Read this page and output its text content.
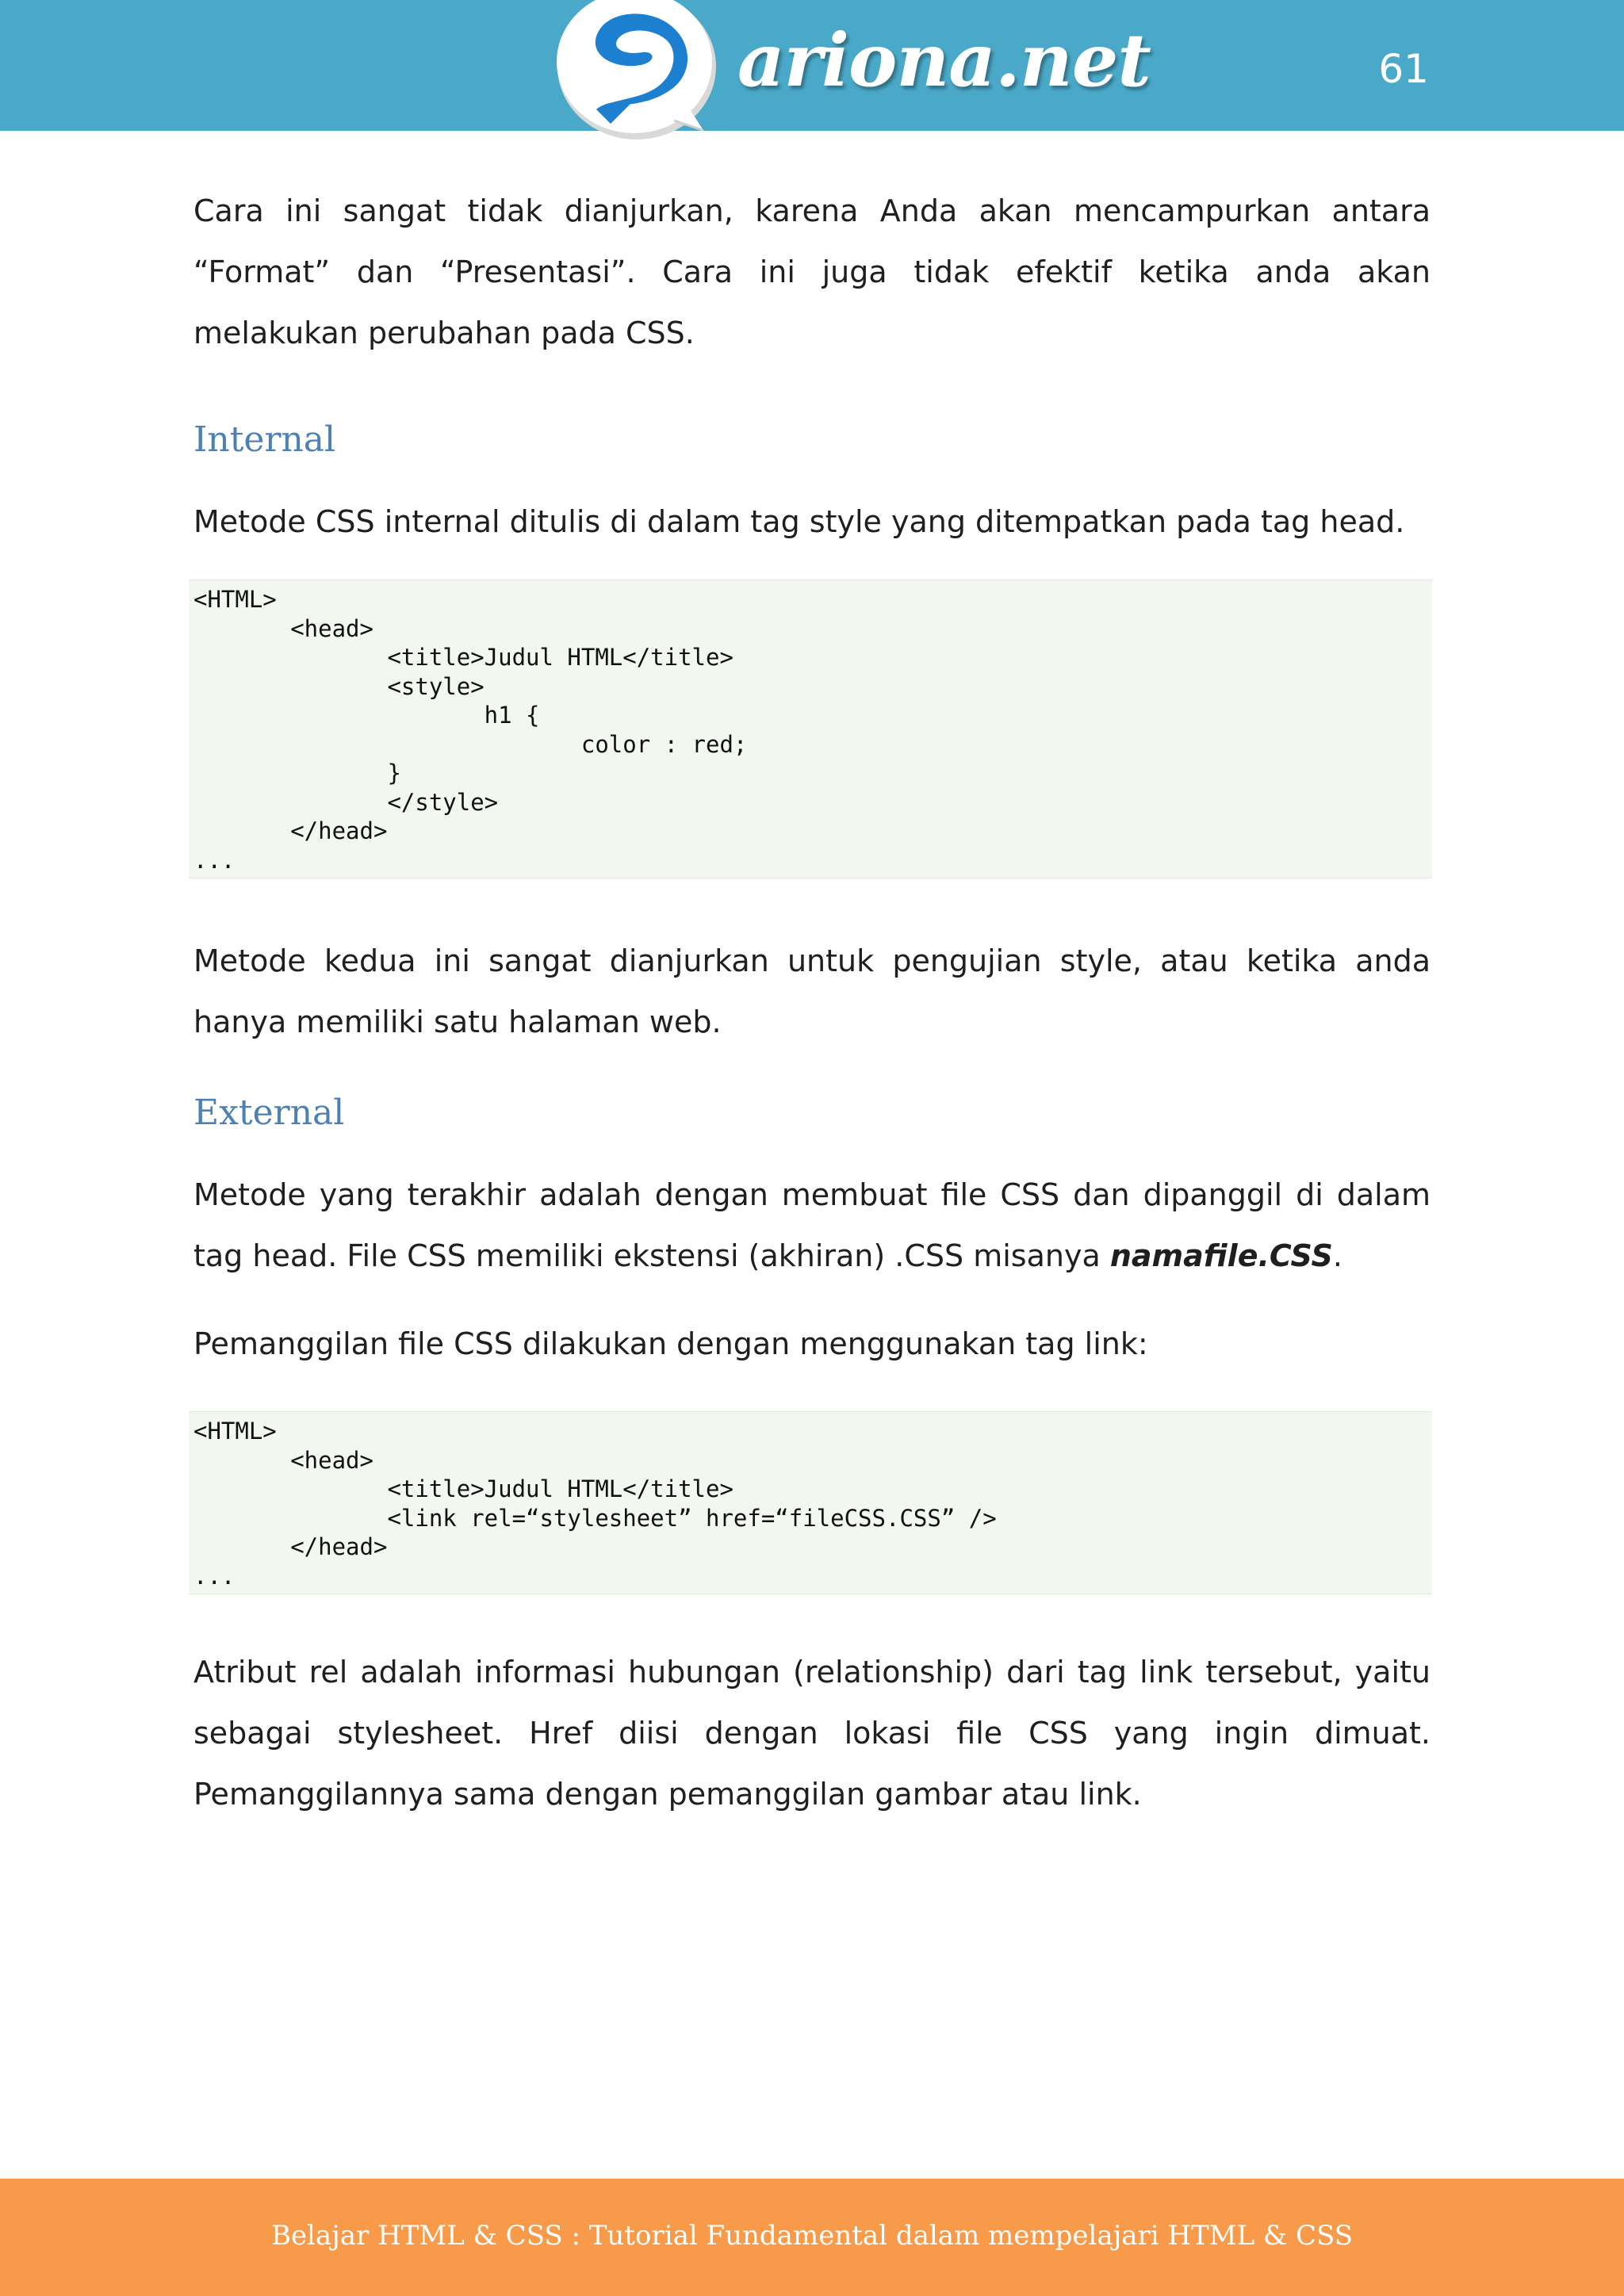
ariona.net	61

Cara ini sangat tidak dianjurkan, karena Anda akan mencampurkan antara “Format” dan “Presentasi”. Cara ini juga tidak efektif ketika anda akan melakukan perubahan pada CSS.

Internal

Metode CSS internal ditulis di dalam tag style yang ditempatkan pada tag head.

<HTML>
	<head>
		<title>Judul HTML</title>
		<style>
			h1 {
				color : red;
		}
		</style>
	</head>
...

Metode kedua ini sangat dianjurkan untuk pengujian style, atau ketika anda hanya memiliki satu halaman web.

External

Metode yang terakhir adalah dengan membuat file CSS dan dipanggil di dalam tag head. File CSS memiliki ekstensi (akhiran) .CSS misanya namafile.CSS.

Pemanggilan file CSS dilakukan dengan menggunakan tag link:

<HTML>
	<head>
		<title>Judul HTML</title>
		<link rel=“stylesheet” href=“fileCSS.CSS” />
	</head>
...

Atribut rel adalah informasi hubungan (relationship) dari tag link tersebut, yaitu sebagai stylesheet. Href diisi dengan lokasi file CSS yang ingin dimuat. Pemanggilannya sama dengan pemanggilan gambar atau link.

Belajar HTML & CSS : Tutorial Fundamental dalam mempelajari HTML & CSS
